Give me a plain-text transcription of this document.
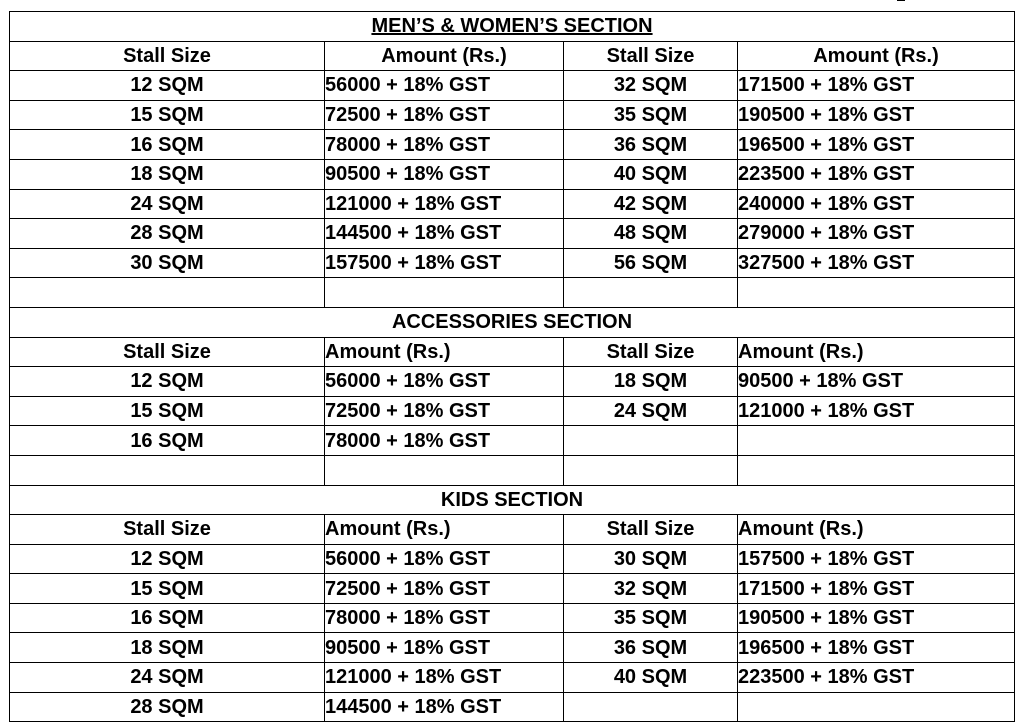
MEN’S & WOMEN’S SECTION			
Stall Size	Amount (Rs.)	Stall Size	Amount (Rs.)
12 SQM	56000 + 18% GST	32 SQM	171500 + 18% GST
15 SQM	72500 + 18% GST	35 SQM	190500 + 18% GST
16 SQM	78000 + 18% GST	36 SQM	196500 + 18% GST
18 SQM	90500 + 18% GST	40 SQM	223500 + 18% GST
24 SQM	121000 + 18% GST	42 SQM	240000 + 18% GST
28 SQM	144500 + 18% GST	48 SQM	279000 + 18% GST
30 SQM	157500 + 18% GST	56 SQM	327500 + 18% GST

ACCESSORIES SECTION			
Stall Size	Amount (Rs.)	Stall Size	Amount (Rs.)
12 SQM	56000 + 18% GST	18 SQM	90500 + 18% GST
15 SQM	72500 + 18% GST	24 SQM	121000 + 18% GST
16 SQM	78000 + 18% GST		

KIDS SECTION			
Stall Size	Amount (Rs.)	Stall Size	Amount (Rs.)
12 SQM	56000 + 18% GST	30 SQM	157500 + 18% GST
15 SQM	72500 + 18% GST	32 SQM	171500 + 18% GST
16 SQM	78000 + 18% GST	35 SQM	190500 + 18% GST
18 SQM	90500 + 18% GST	36 SQM	196500 + 18% GST
24 SQM	121000 + 18% GST	40 SQM	223500 + 18% GST
28 SQM	144500 + 18% GST		
